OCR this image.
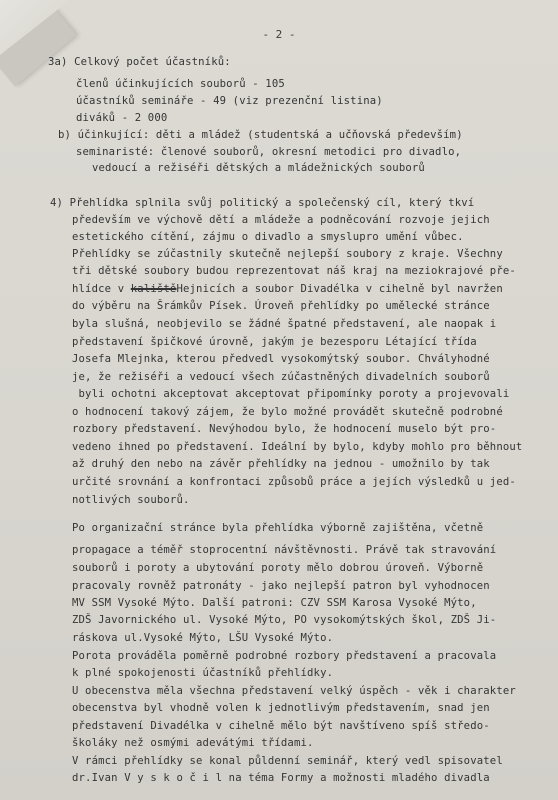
- 2 -
3a) Celkový počet účastníků:
členů účinkujících souborů - 105
účastníků semináře - 49 (viz prezenční listina)
diváků - 2 000
b) účinkující: děti a mládež (studentská a učňovská především)
seminaristé: členové souborů, okresní metodici pro divadlo,
vedoucí a režiséři dětských a mládežnických souborů
4) Přehlídka splnila svůj politický a společenský cíl, který tkví
především ve výchově dětí a mládeže a podněcování rozvoje jejich
estetického cítění, zájmu o divadlo a smyslupro umění vůbec.
Přehlídky se zúčastnily skutečně nejlepší soubory z kraje. Všechny
tři dětské soubory budou reprezentovat náš kraj na meziokrajové pře-
hlídce v kalištěHejnicích a soubor Divadélka v cihelně byl navržen
do výběru na Šrámkův Písek. Úroveň přehlídky po umělecké stránce
byla slušná, neobjevilo se žádné špatné představení, ale naopak i
představení špičkové úrovně, jakým je bezesporu Létající třída
Josefa Mlejnka, kterou předvedl vysokomýtský soubor. Chvályhodné
je, že režiséři a vedoucí všech zúčastněných divadelních souborů
byli ochotni akceptovat akceptovat připomínky poroty a projevovali
o hodnocení takový zájem, že bylo možné provádět skutečně podrobné
rozbory představení. Nevýhodou bylo, že hodnocení muselo být pro-
vedeno ihned po představení. Ideální by bylo, kdyby mohlo pro běhnout
až druhý den nebo na závěr přehlídky na jednou - umožnilo by tak
určité srovnání a konfrontaci způsobů práce a jejích výsledků u jed-
notlivých souborů.
Po organizační stránce byla přehlídka výborně zajištěna, včetně
propagace a téměř stoprocentní návštěvnosti. Právě tak stravování
souborů i poroty a ubytování poroty mělo dobrou úroveň. Výborně
pracovaly rovněž patronáty - jako nejlepší patron byl vyhodnocen
MV SSM Vysoké Mýto. Další patroni: CZV SSM Karosa Vysoké Mýto,
ZDŠ Javornického ul. Vysoké Mýto, PO vysokomýtských škol, ZDŠ Ji-
ráskova ul.Vysoké Mýto, LŠU Vysoké Mýto.
Porota prováděla poměrně podrobné rozbory představení a pracovala
k plné spokojenosti účastníků přehlídky.
U obecenstva měla všechna představení velký úspěch - věk i charakter
obecenstva byl vhodně volen k jednotlivým představením, snad jen
představení Divadélka v cihelně mělo být navštíveno spíš středo-
školáky než osmými adevátými třídami.
V rámci přehlídky se konal půldenní seminář, který vedl spisovatel
dr.Ivan V y s k o č i l na téma Formy a možnosti mladého divadla
